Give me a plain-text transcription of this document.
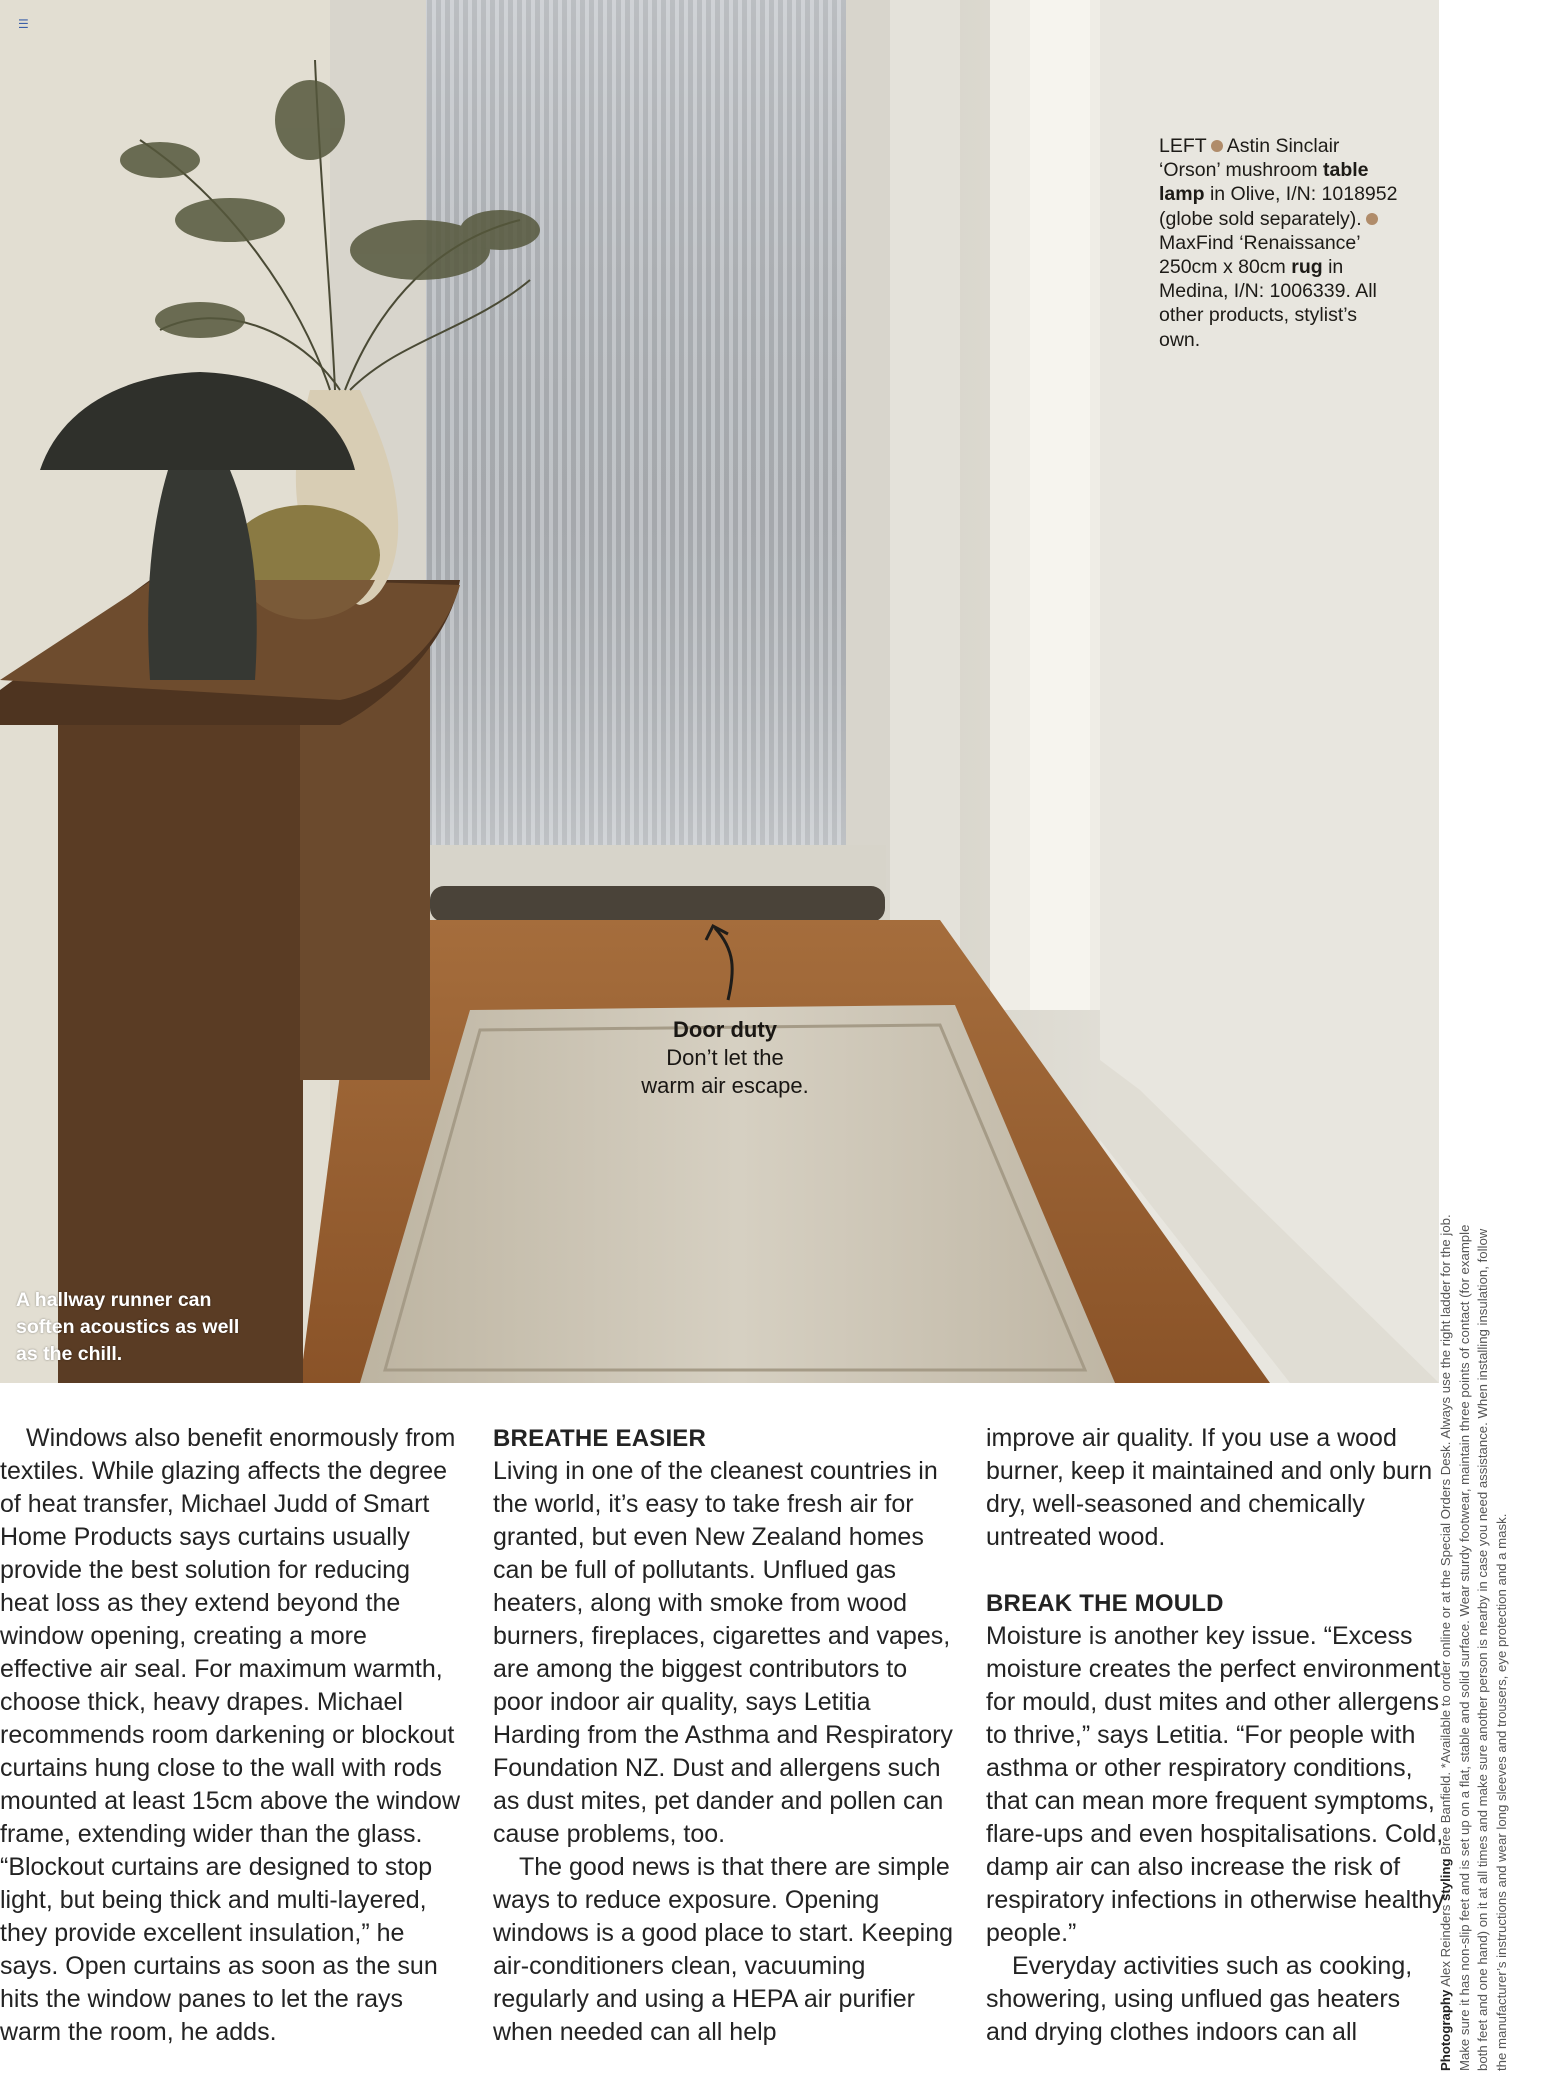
☰
LEFT Astin Sinclair ‘Orson’ mushroom table lamp in Olive, I/N: 1018952 (globe sold separately).MaxFind ‘Renaissance’ 250cm x 80cm rug in Medina, I/N: 1006339. All other products, stylist’s own.
Door duty
Don’t let the warm air escape.
A hallway runner can soften acoustics as well as the chill.

Windows also benefit enormously from textiles. While glazing affects the degree of heat transfer, Michael Judd of Smart Home Products says curtains usually provide the best solution for reducing heat loss as they extend beyond the window opening, creating a more effective air seal. For maximum warmth, choose thick, heavy drapes. Michael recommends room darkening or blockout curtains hung close to the wall with rods mounted at least 15cm above the window frame, extending wider than the glass. “Blockout curtains are designed to stop light, but being thick and multi-layered, they provide excellent insulation,” he says. Open curtains as soon as the sun hits the window panes to let the rays warm the room, he adds.

BREATHE EASIER

Living in one of the cleanest countries in the world, it’s easy to take fresh air for granted, but even New Zealand homes can be full of pollutants. Unflued gas heaters, along with smoke from wood burners, fireplaces, cigarettes and vapes, are among the biggest contributors to poor indoor air quality, says Letitia Harding from the Asthma and Respiratory Foundation NZ. Dust and allergens such as dust mites, pet dander and pollen can cause problems, too.

The good news is that there are simple ways to reduce exposure. Opening windows is a good place to start. Keeping air-conditioners clean, vacuuming regularly and using a HEPA air purifier when needed can all help

improve air quality. If you use a wood burner, keep it maintained and only burn dry, well-seasoned and chemically untreated wood.

BREAK THE MOULD

Moisture is another key issue. “Excess moisture creates the perfect environment for mould, dust mites and other allergens to thrive,” says Letitia. “For people with asthma or other respiratory conditions, that can mean more frequent symptoms, flare-ups and even hospitalisations. Cold, damp air can also increase the risk of respiratory infections in otherwise healthy people.”

Everyday activities such as cooking, showering, using unflued gas heaters and drying clothes indoors can all	Photography Alex Reinders styling Bree Banfield. *Available to order online or at the Special Orders Desk. Always use the right ladder for the job. Make sure it has non-slip feet and is set up on a flat, stable and solid surface. Wear sturdy footwear, maintain three points of contact (for example both feet and one hand) on it at all times and make sure another person is nearby in case you need assistance. When installing insulation, follow the manufacturer’s instructions and wear long sleeves and trousers, eye protection and a mask.
